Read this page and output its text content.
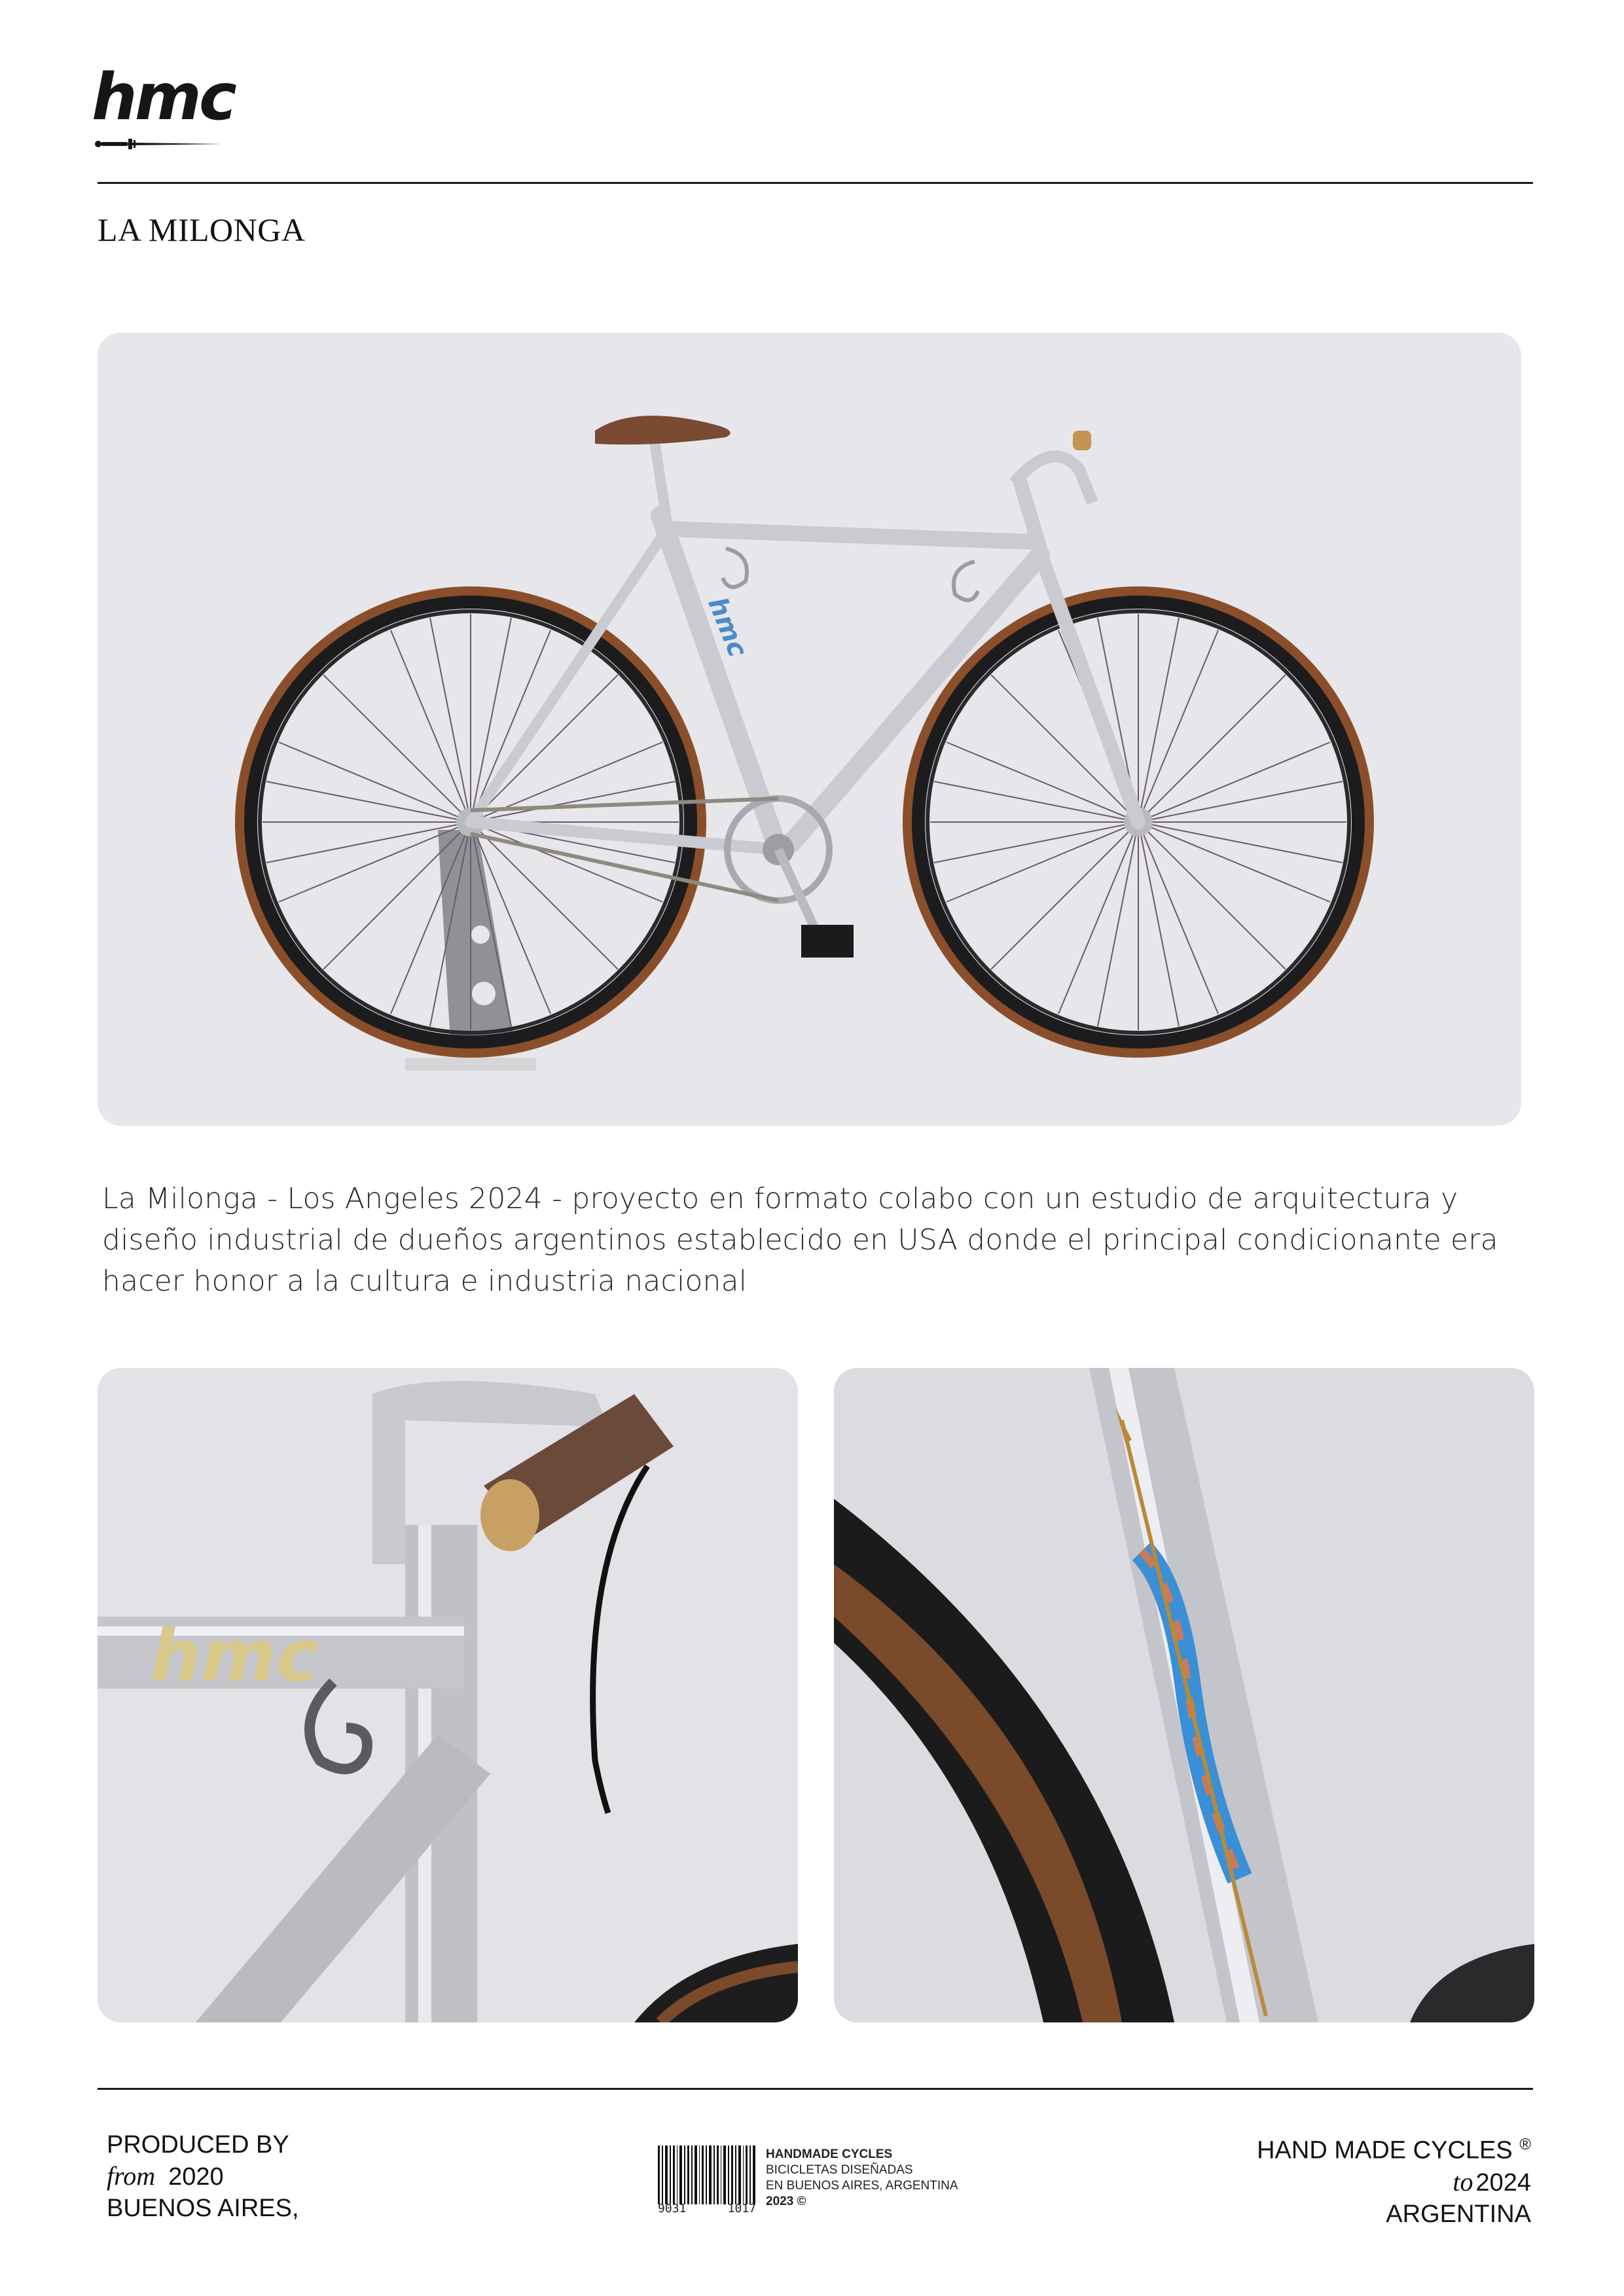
hmc
LA MILONGA
hmc
La Milonga - Los Angeles 2024 - proyecto en formato colabo con un estudio de arquitectura y diseño industrial de dueños argentinos establecido en USA donde el principal condicionante era hacer honor a la cultura e industria nacional
hmc
PRODUCED BY
from 2020
BUENOS AIRES,	9031	1017
HANDMADE CYCLES
BICICLETAS DISEÑADAS
EN BUENOS AIRES, ARGENTINA
2023 ©
HAND MADE CYCLES ®
to 2024
ARGENTINA
